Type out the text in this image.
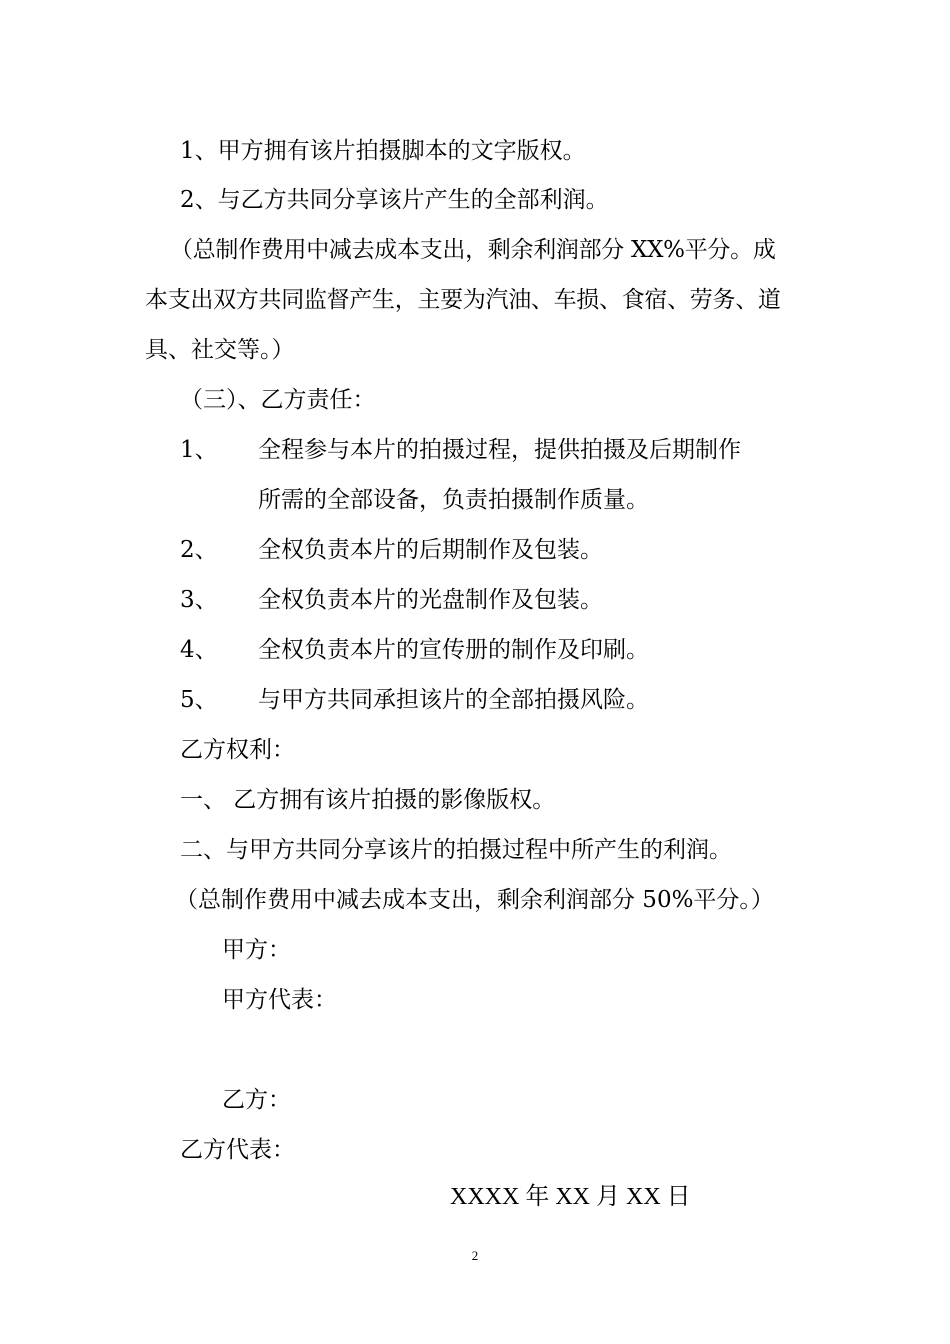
1、甲方拥有该片拍摄脚本的文字版权。
2、与乙方共同分享该片产生的全部利润。
（总制作费用中减去成本支出，剩余利润部分 XX%平分。成
本支出双方共同监督产生，主要为汽油、车损、食宿、劳务、道
具、社交等。）
（三）、乙方责任：
1、 全程参与本片的拍摄过程，提供拍摄及后期制作
所需的全部设备，负责拍摄制作质量。
2、 全权负责本片的后期制作及包装。
3、 全权负责本片的光盘制作及包装。
4、 全权负责本片的宣传册的制作及印刷。
5、 与甲方共同承担该片的全部拍摄风险。
乙方权利：
一、 乙方拥有该片拍摄的影像版权。
二、与甲方共同分享该片的拍摄过程中所产生的利润。
（总制作费用中减去成本支出，剩余利润部分 50%平分。）
甲方：
甲方代表：
乙方：
乙方代表：
XXXX 年 XX 月 XX 日
2
